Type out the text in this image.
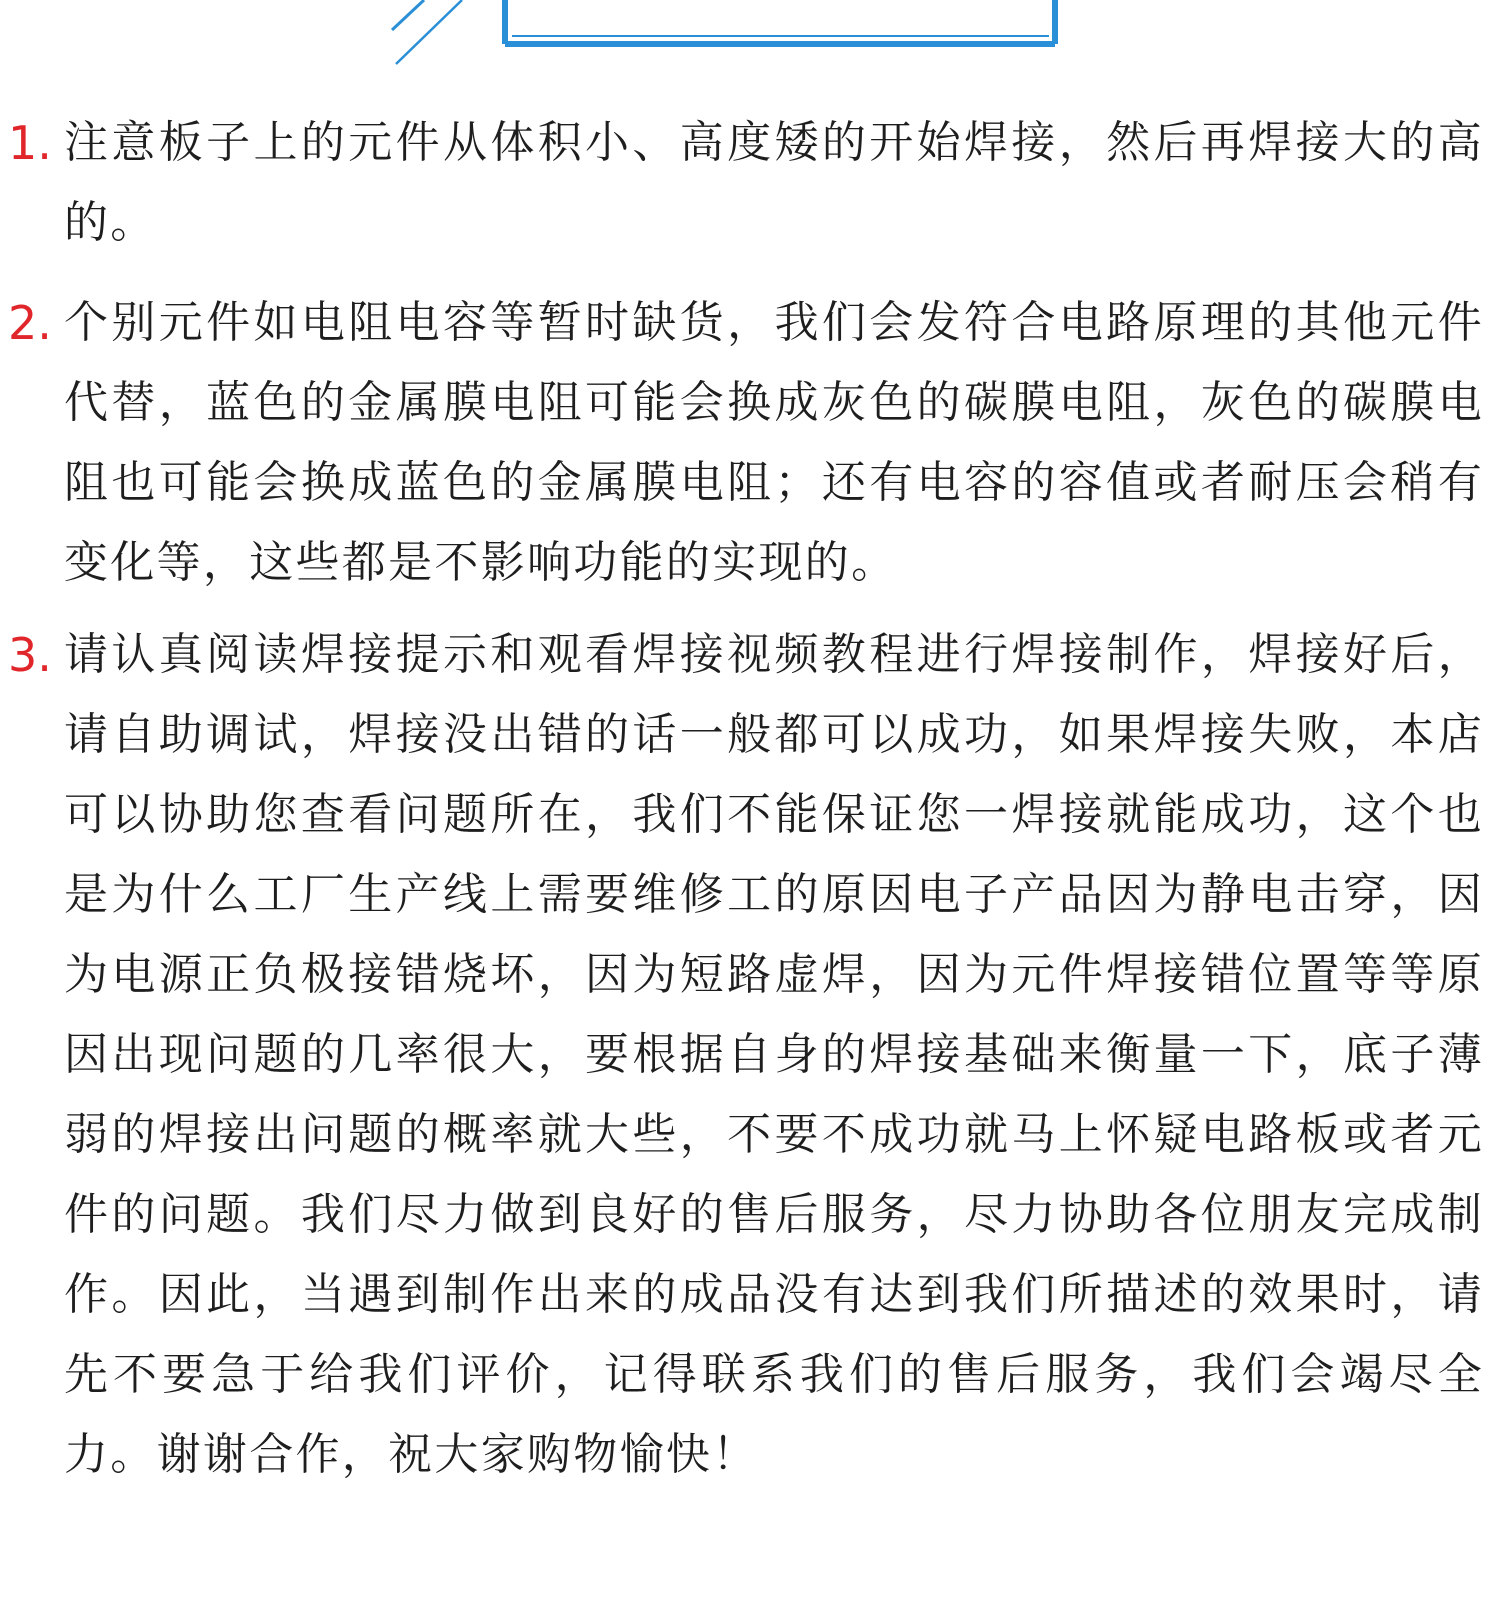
1. 注意板子上的元件从体积小、高度矮的开始焊接，然后再焊接大的高的。

2. 个别元件如电阻电容等暂时缺货，我们会发符合电路原理的其他元件代替，蓝色的金属膜电阻可能会换成灰色的碳膜电阻，灰色的碳膜电阻也可能会换成蓝色的金属膜电阻；还有电容的容值或者耐压会稍有变化等，这些都是不影响功能的实现的。

3. 请认真阅读焊接提示和观看焊接视频教程进行焊接制作，焊接好后，请自助调试，焊接没出错的话一般都可以成功，如果焊接失败，本店可以协助您查看问题所在，我们不能保证您一焊接就能成功，这个也是为什么工厂生产线上需要维修工的原因电子产品因为静电击穿，因为电源正负极接错烧坏，因为短路虚焊，因为元件焊接错位置等等原因出现问题的几率很大，要根据自身的焊接基础来衡量一下，底子薄弱的焊接出问题的概率就大些，不要不成功就马上怀疑电路板或者元件的问题。我们尽力做到良好的售后服务，尽力协助各位朋友完成制作。因此，当遇到制作出来的成品没有达到我们所描述的效果时，请先不要急于给我们评价，记得联系我们的售后服务，我们会竭尽全力。谢谢合作，祝大家购物愉快！
